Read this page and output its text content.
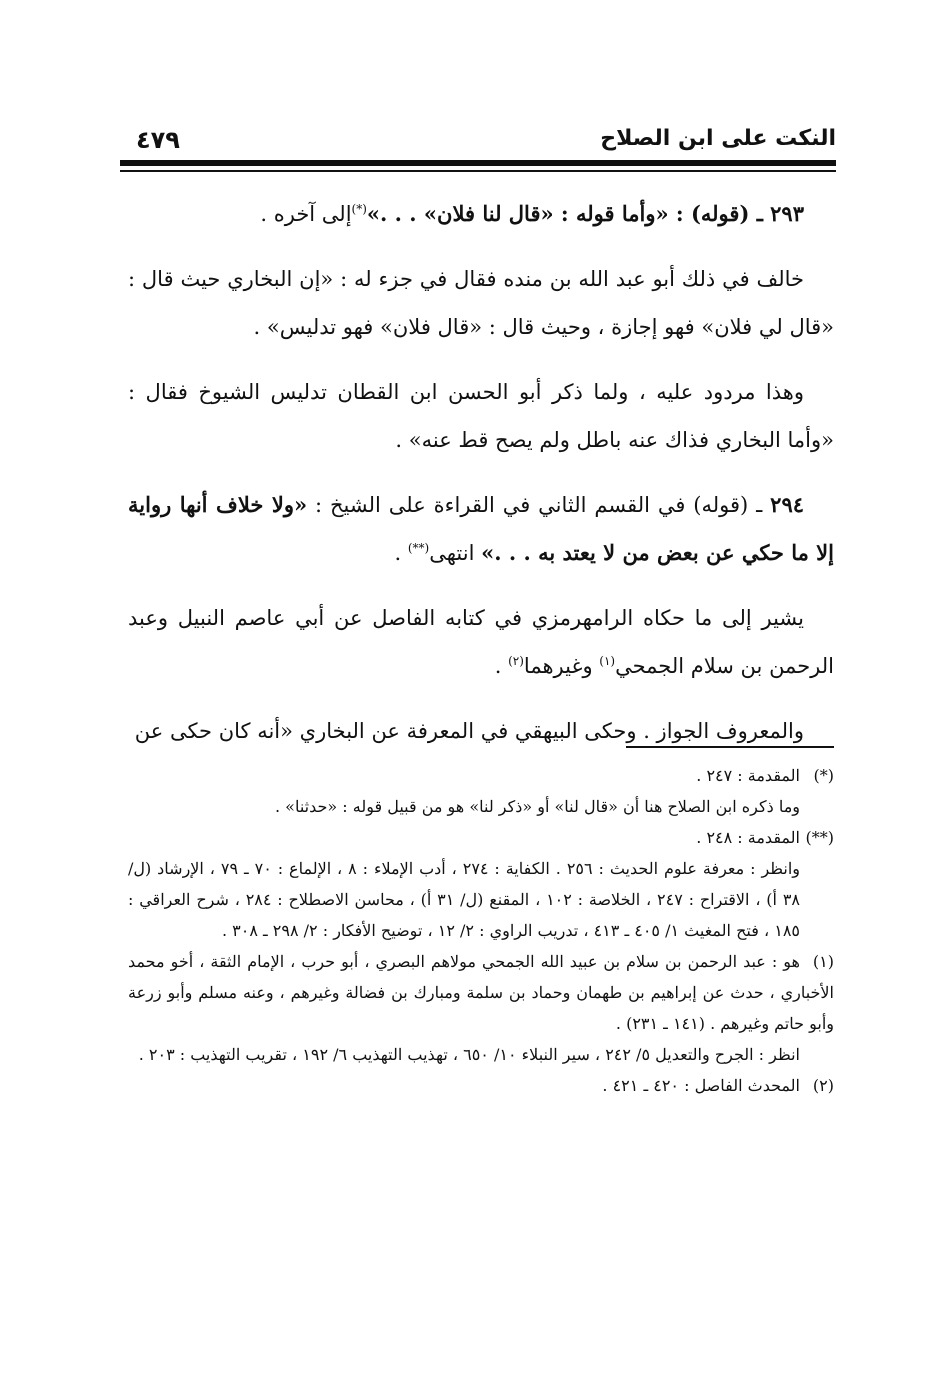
النكت على ابن الصلاح
٤٧٩

٢٩٣ ـ (قوله) : «وأما قوله : «قال لنا فلان» . . .»(*)إلى آخره .

خالف في ذلك أبو عبد الله بن منده فقال في جزء له : «إن البخاري حيث قال : «قال لي فلان» فهو إجازة ، وحيث قال : «قال فلان» فهو تدليس» .

وهذا مردود عليه ، ولما ذكر أبو الحسن ابن القطان تدليس الشيوخ فقال : «وأما البخاري فذاك عنه باطل ولم يصح قط عنه» .

٢٩٤ ـ (قوله) في القسم الثاني في القراءة على الشيخ : «ولا خلاف أنها رواية إلا ما حكي عن بعض من لا يعتد به . . .» انتهى(**) .

يشير إلى ما حكاه الرامهرمزي في كتابه الفاصل عن أبي عاصم النبيل وعبد الرحمن بن سلام الجمحي$^{(١)}$ وغيرهما$^{(٢)}$ .

والمعروف الجواز . وحكى البيهقي في المعرفة عن البخاري «أنه كان حكى عن

(*)المقدمة : ٢٤٧ .

وما ذكره ابن الصلاح هنا أن «قال لنا» أو «ذكر لنا» هو من قبيل قوله : «حدثنا» .

(**)المقدمة : ٢٤٨ .

وانظر : معرفة علوم الحديث : ٢٥٦ . الكفاية : ٢٧٤ ، أدب الإملاء : ٨ ، الإلماع : ٧٠ ـ ٧٩ ، الإرشاد (ل/ ٣٨ أ) ، الاقتراح : ٢٤٧ ، الخلاصة : ١٠٢ ، المقنع (ل/ ٣١ أ) ، محاسن الاصطلاح : ٢٨٤ ، شرح العراقي : ١٨٥ ، فتح المغيث ١/ ٤٠٥ ـ ٤١٣ ، تدريب الراوي : ٢/ ١٢ ، توضيح الأفكار : ٢/ ٢٩٨ ـ ٣٠٨ .

(١)هو : عبد الرحمن بن سلام بن عبيد الله الجمحي مولاهم البصري ، أبو حرب ، الإمام الثقة ، أخو محمد الأخباري ، حدث عن إبراهيم بن طهمان وحماد بن سلمة ومبارك بن فضالة وغيرهم ، وعنه مسلم وأبو زرعة وأبو حاتم وغيرهم . (١٤١ ـ ٢٣١) .

انظر : الجرح والتعديل ٥/ ٢٤٢ ، سير النبلاء ١٠/ ٦٥٠ ، تهذيب التهذيب ٦/ ١٩٢ ، تقريب التهذيب : ٢٠٣ .

(٢)المحدث الفاصل : ٤٢٠ ـ ٤٢١ .
